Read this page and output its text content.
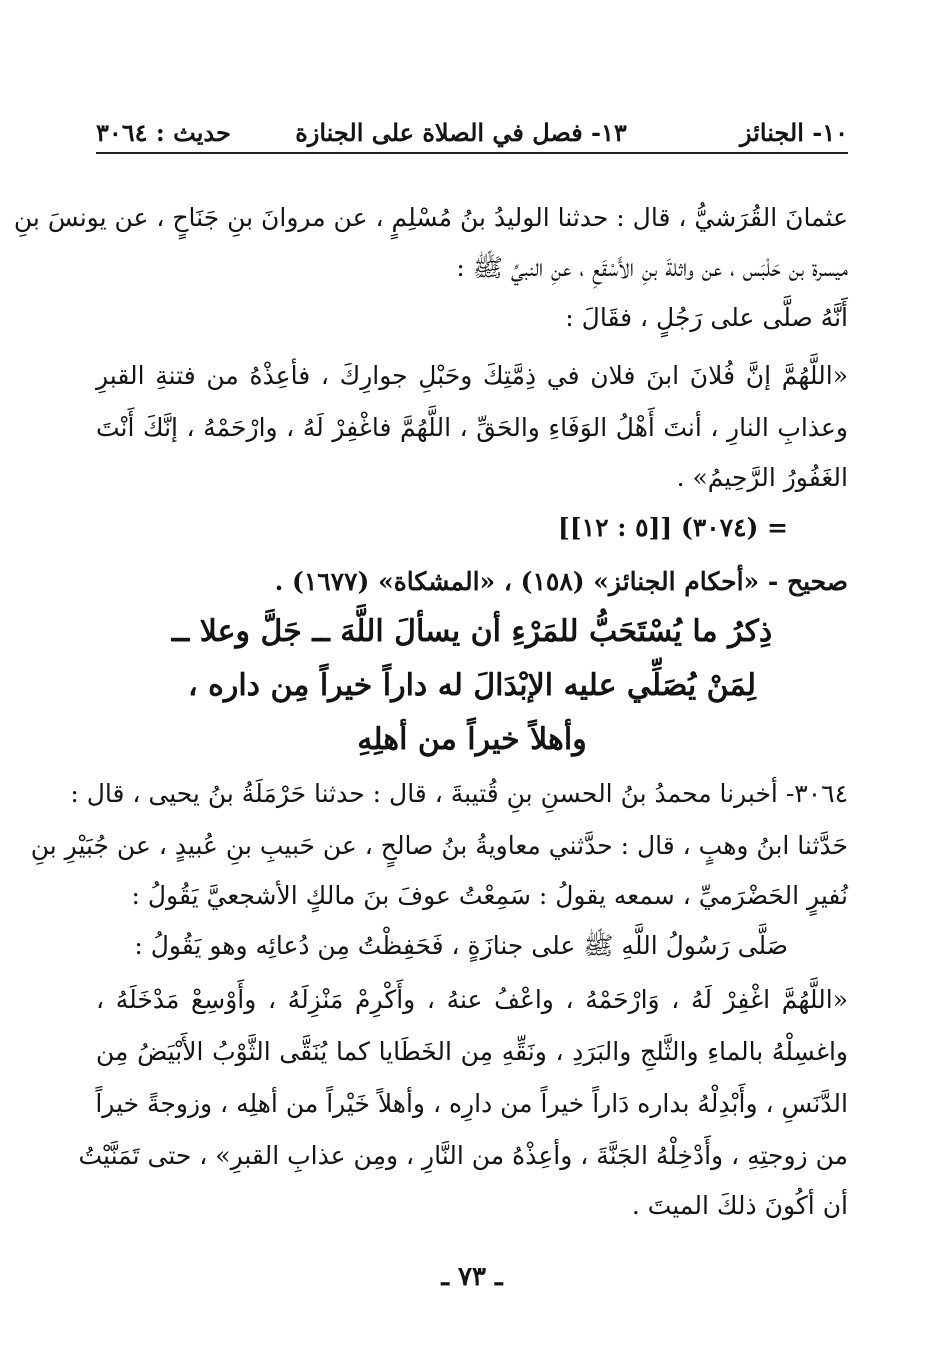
١٠- الجنائز
١٣- فصل في الصلاة على الجنازة
حديث : ٣٠٦٤
عثمانَ القُرَشيُّ ، قال : حدثنا الوليدُ بنُ مُسْلِمٍ ، عن مروانَ بنِ جَنَاحٍ ، عن يونسَ بنِ
ميسرة بن حَلْبَس ، عن واثلةَ بنِ الأَسْقَعِ ، عنِ النبيِّ ﷺ :
أَنَّهُ صلَّى على رَجُلٍ ، فقَالَ :
«اللَّهُمَّ إنَّ فُلانَ ابنَ فلان في ذِمَّتِكَ وحَبْلِ جوارِكَ ، فأعِذْهُ من فتنةِ القبرِ
وعذابِ النارِ ، أنتَ أَهْلُ الوَفَاءِ والحَقِّ ، اللَّهُمَّ فاغْفِرْ لَهُ ، وارْحَمْهُ ، إنَّكَ أَنْتَ
الغَفُورُ الرَّحِيمُ» .
= (٣٠٧٤) [[٥ : ١٢]]
صحيح - «أحكام الجنائز» (١٥٨) ، «المشكاة» (١٦٧٧) .
ذِكرُ ما يُسْتَحَبُّ للمَرْءِ أن يسألَ اللَّهَ ــ جَلَّ وعلا ــ
لِمَنْ يُصَلِّي عليه الإبْدَالَ له داراً خيراً مِن داره ،
وأهلاً خيراً من أهلِهِ
٣٠٦٤- أخبرنا محمدُ بنُ الحسنِ بنِ قُتيبةَ ، قال : حدثنا حَرْمَلَةُ بنُ يحيى ، قال :
حَدَّثنا ابنُ وهبٍ ، قال : حدَّثني معاويةُ بنُ صالحٍ ، عن حَبيبِ بنِ عُبيدٍ ، عن جُبَيْرِ بنِ
نُفيرٍ الحَضْرَميِّ ، سمعه يقولُ : سَمِعْتُ عوفَ بنَ مالكٍ الأشجعيَّ يَقُولُ :
صَلَّى رَسُولُ اللَّهِ ﷺ على جنازَةٍ ، فَحَفِظْتُ مِن دُعائِه وهو يَقُولُ :
«اللَّهُمَّ اغْفِرْ لَهُ ، وَارْحَمْهُ ، واعْفُ عنهُ ، وأَكْرِمْ مَنْزِلَهُ ، وأَوْسِعْ مَدْخَلَهُ ،
واغسِلْهُ بالماءِ والثَّلجِ والبَرَدِ ، ونَقِّهِ مِن الخَطَايا كما يُنَقَّى الثَّوْبُ الأَبْيَضُ مِن
الدَّنَسِ ، وأَبْدِلْهُ بداره دَاراً خيراً من دارِه ، وأهلاً خَيْراً من أهلِه ، وزوجةً خيراً
من زوجتِهِ ، وأَدْخِلْهُ الجَنَّةَ ، وأعِذْهُ من النَّارِ ، ومِن عذابِ القبرِ» ، حتى تَمَنَّيْتُ
أن أكُونَ ذلكَ الميتَ .
ـ ٧٣ ـ
